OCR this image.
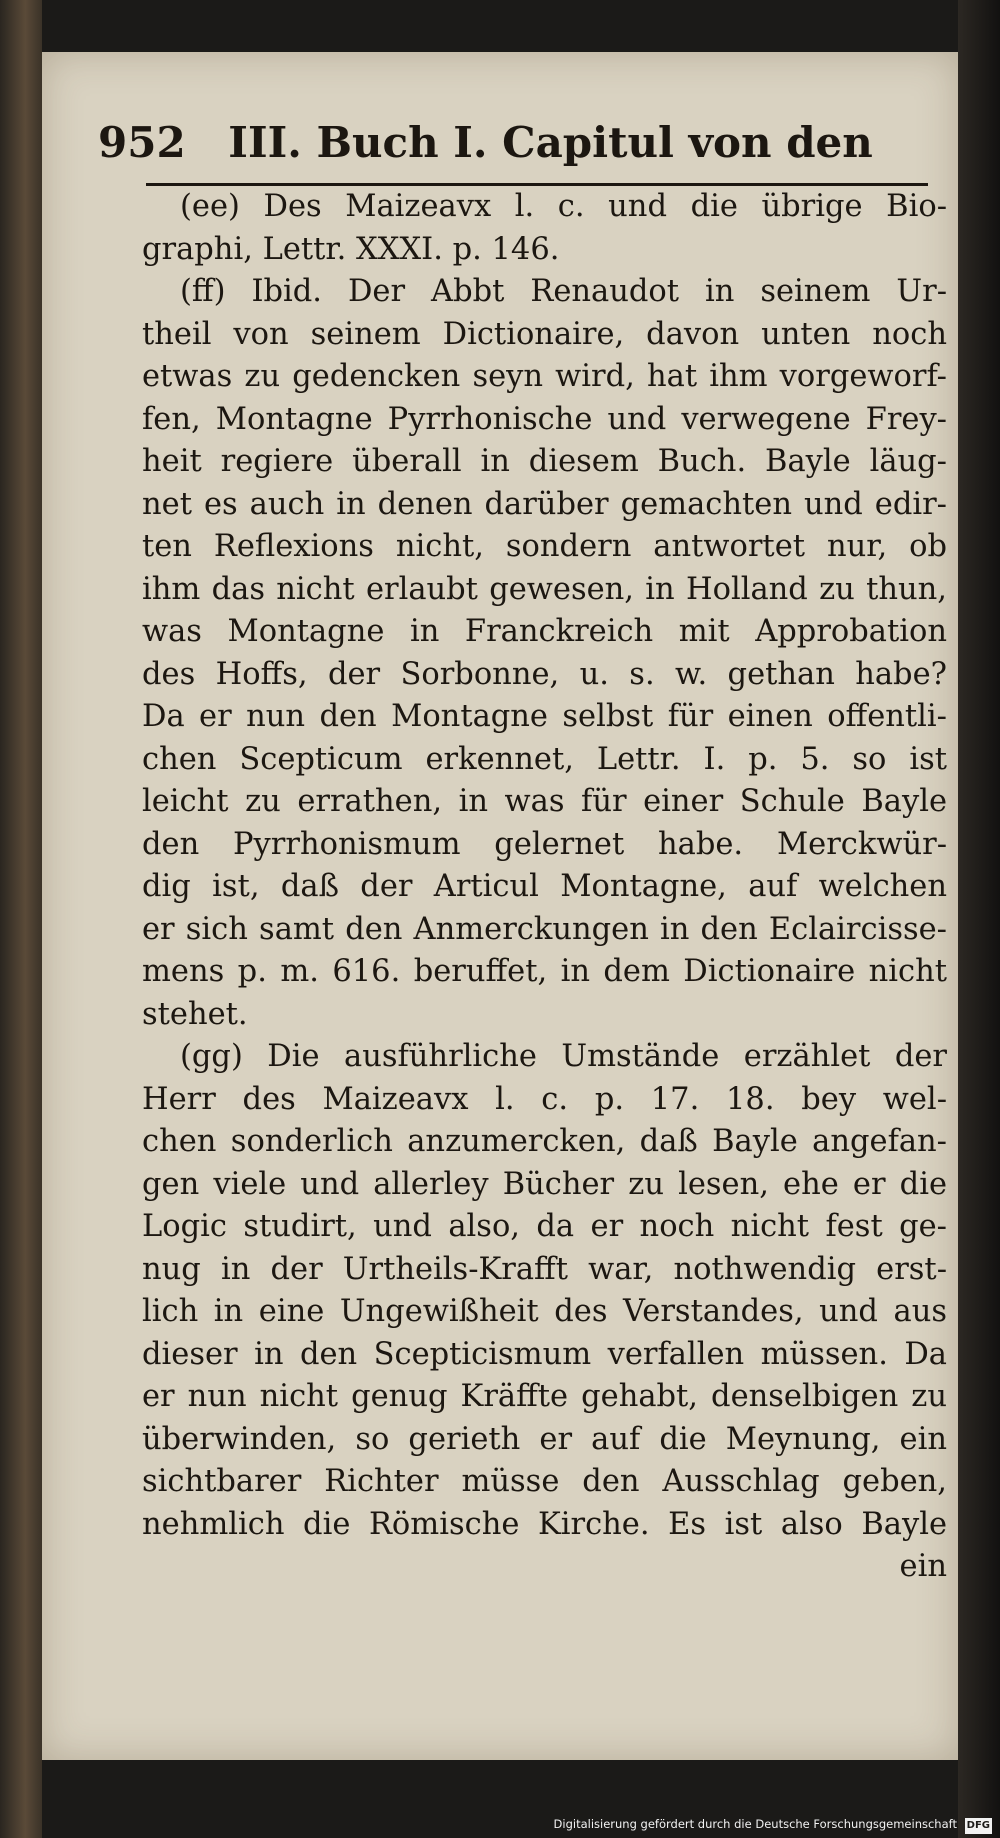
952 III. Buch I. Capitul von den
(ee) Des Maizeavx l. c. und die übrige Bio-
graphi, Lettr. XXXI. p. 146.
(ff) Ibid. Der Abbt Renaudot in seinem Ur-
theil von seinem Dictionaire, davon unten noch
etwas zu gedencken seyn wird, hat ihm vorgeworf-
fen, Montagne Pyrrhonische und verwegene Frey-
heit regiere überall in diesem Buch. Bayle läug-
net es auch in denen darüber gemachten und edir-
ten Reflexions nicht, sondern antwortet nur, ob
ihm das nicht erlaubt gewesen, in Holland zu thun,
was Montagne in Franckreich mit Approbation
des Hoffs, der Sorbonne, u. s. w. gethan habe?
Da er nun den Montagne selbst für einen offentli-
chen Scepticum erkennet, Lettr. I. p. 5. so ist
leicht zu errathen, in was für einer Schule Bayle
den Pyrrhonismum gelernet habe. Merckwür-
dig ist, daß der Articul Montagne, auf welchen
er sich samt den Anmerckungen in den Eclaircisse-
mens p. m. 616. beruffet, in dem Dictionaire nicht
stehet.
(gg) Die ausführliche Umstände erzählet der
Herr des Maizeavx l. c. p. 17. 18. bey wel-
chen sonderlich anzumercken, daß Bayle angefan-
gen viele und allerley Bücher zu lesen, ehe er die
Logic studirt, und also, da er noch nicht fest ge-
nug in der Urtheils-Krafft war, nothwendig erst-
lich in eine Ungewißheit des Verstandes, und aus
dieser in den Scepticismum verfallen müssen. Da
er nun nicht genug Kräffte gehabt, denselbigen zu
überwinden, so gerieth er auf die Meynung, ein
sichtbarer Richter müsse den Ausschlag geben,
nehmlich die Römische Kirche. Es ist also Bayle
ein
Digitalisierung gefördert durch die Deutsche Forschungsgemeinschaft DFG
